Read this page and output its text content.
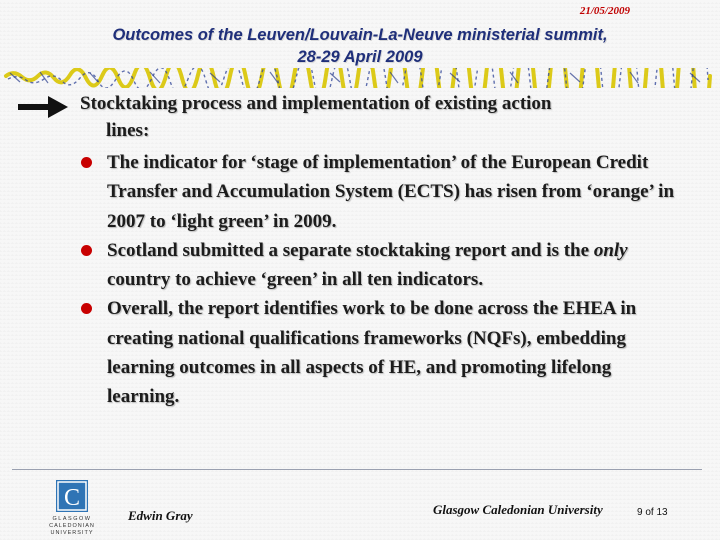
21/05/2009
Outcomes of the Leuven/Louvain-La-Neuve ministerial summit,
28-29 April 2009
Stocktaking process and implementation of existing action
lines:
The indicator for ‘stage of implementation’ of the European Credit Transfer and Accumulation System (ECTS) has risen from ‘orange’ in 2007 to ‘light green’ in 2009.
Scotland submitted a separate stocktaking report and is the only country to achieve ‘green’ in all ten indicators.
Overall, the report identifies work to be done across the EHEA in creating national qualifications frameworks (NQFs), embedding learning outcomes in all aspects of HE, and promoting lifelong learning.
C
GLASGOW
CALEDONIAN
UNIVERSITY
Edwin Gray	Glasgow Caledonian University	9 of 13
